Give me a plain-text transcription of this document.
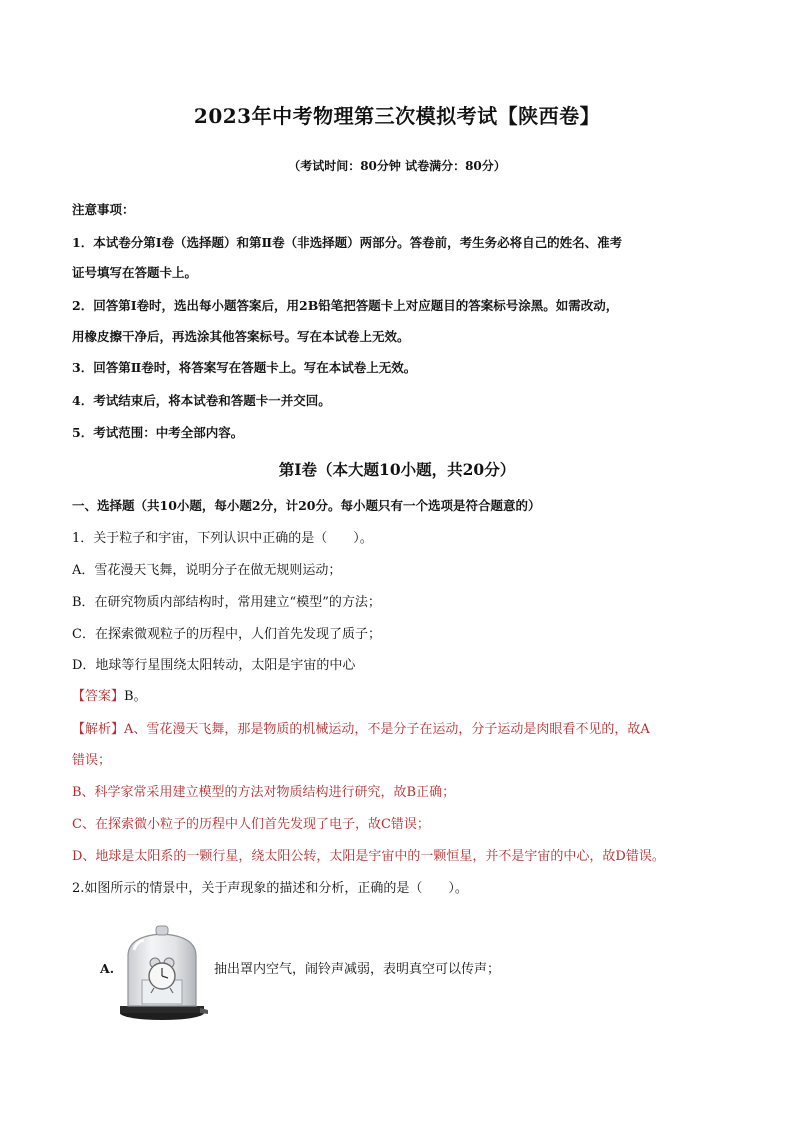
2023年中考物理第三次模拟考试【陕西卷】
（考试时间：80分钟 试卷满分：80分）
注意事项：
1．本试卷分第Ⅰ卷（选择题）和第Ⅱ卷（非选择题）两部分。答卷前，考生务必将自己的姓名、准考
证号填写在答题卡上。
2．回答第Ⅰ卷时，选出每小题答案后，用2B铅笔把答题卡上对应题目的答案标号涂黑。如需改动，
用橡皮擦干净后，再选涂其他答案标号。写在本试卷上无效。
3．回答第Ⅱ卷时，将答案写在答题卡上。写在本试卷上无效。
4．考试结束后，将本试卷和答题卡一并交回。
5．考试范围：中考全部内容。
第Ⅰ卷（本大题10小题，共20分）
一、选择题（共10小题，每小题2分，计20分。每小题只有一个选项是符合题意的）
1．关于粒子和宇宙，下列认识中正确的是（　　）。
A．雪花漫天飞舞，说明分子在做无规则运动；
B．在研究物质内部结构时，常用建立“模型”的方法；
C．在探索微观粒子的历程中，人们首先发现了质子；
D．地球等行星围绕太阳转动，太阳是宇宙的中心
【答案】B。
【解析】A、雪花漫天飞舞，那是物质的机械运动，不是分子在运动，分子运动是肉眼看不见的，故A
错误；
B、科学家常采用建立模型的方法对物质结构进行研究，故B正确；
C、在探索微小粒子的历程中人们首先发现了电子，故C错误；
D、地球是太阳系的一颗行星，绕太阳公转，太阳是宇宙中的一颗恒星，并不是宇宙的中心，故D错误。
2.如图所示的情景中，关于声现象的描述和分析，正确的是（　　）。
A.	抽出罩内空气，闹铃声减弱，表明真空可以传声；
